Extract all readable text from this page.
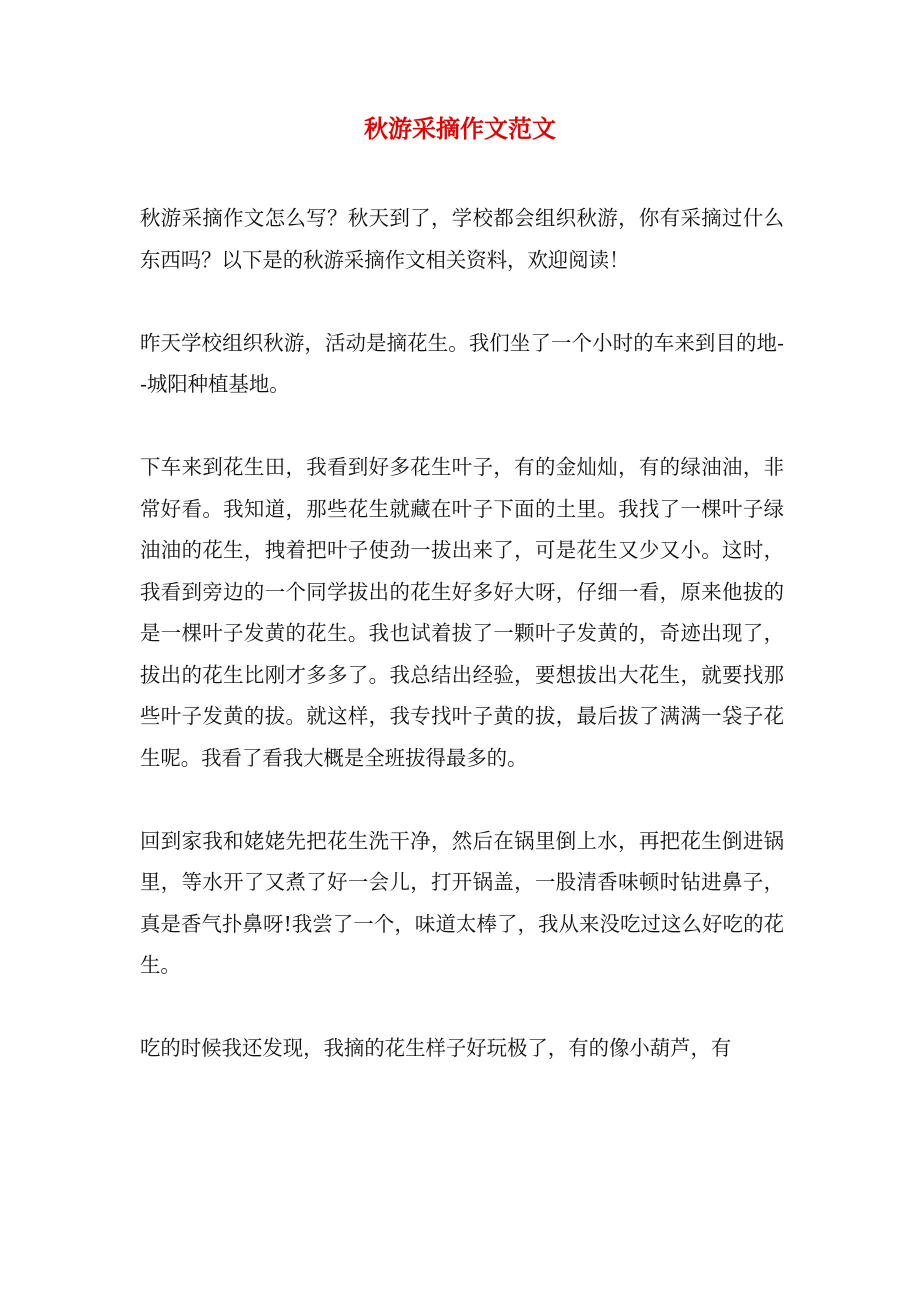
秋游采摘作文范文

秋游采摘作文怎么写？秋天到了，学校都会组织秋游，你有采摘过什么东西吗？以下是的秋游采摘作文相关资料，欢迎阅读！

昨天学校组织秋游，活动是摘花生。我们坐了一个小时的车来到目的地--城阳种植基地。

下车来到花生田，我看到好多花生叶子，有的金灿灿，有的绿油油，非常好看。我知道，那些花生就藏在叶子下面的土里。我找了一棵叶子绿油油的花生，拽着把叶子使劲一拔出来了，可是花生又少又小。这时，我看到旁边的一个同学拔出的花生好多好大呀，仔细一看，原来他拔的是一棵叶子发黄的花生。我也试着拔了一颗叶子发黄的，奇迹出现了，拔出的花生比刚才多多了。我总结出经验，要想拔出大花生，就要找那些叶子发黄的拔。就这样，我专找叶子黄的拔，最后拔了满满一袋子花生呢。我看了看我大概是全班拔得最多的。

回到家我和姥姥先把花生洗干净，然后在锅里倒上水，再把花生倒进锅里，等水开了又煮了好一会儿，打开锅盖，一股清香味顿时钻进鼻子，真是香气扑鼻呀!我尝了一个，味道太棒了，我从来没吃过这么好吃的花生。

吃的时候我还发现，我摘的花生样子好玩极了，有的像小葫芦，有
